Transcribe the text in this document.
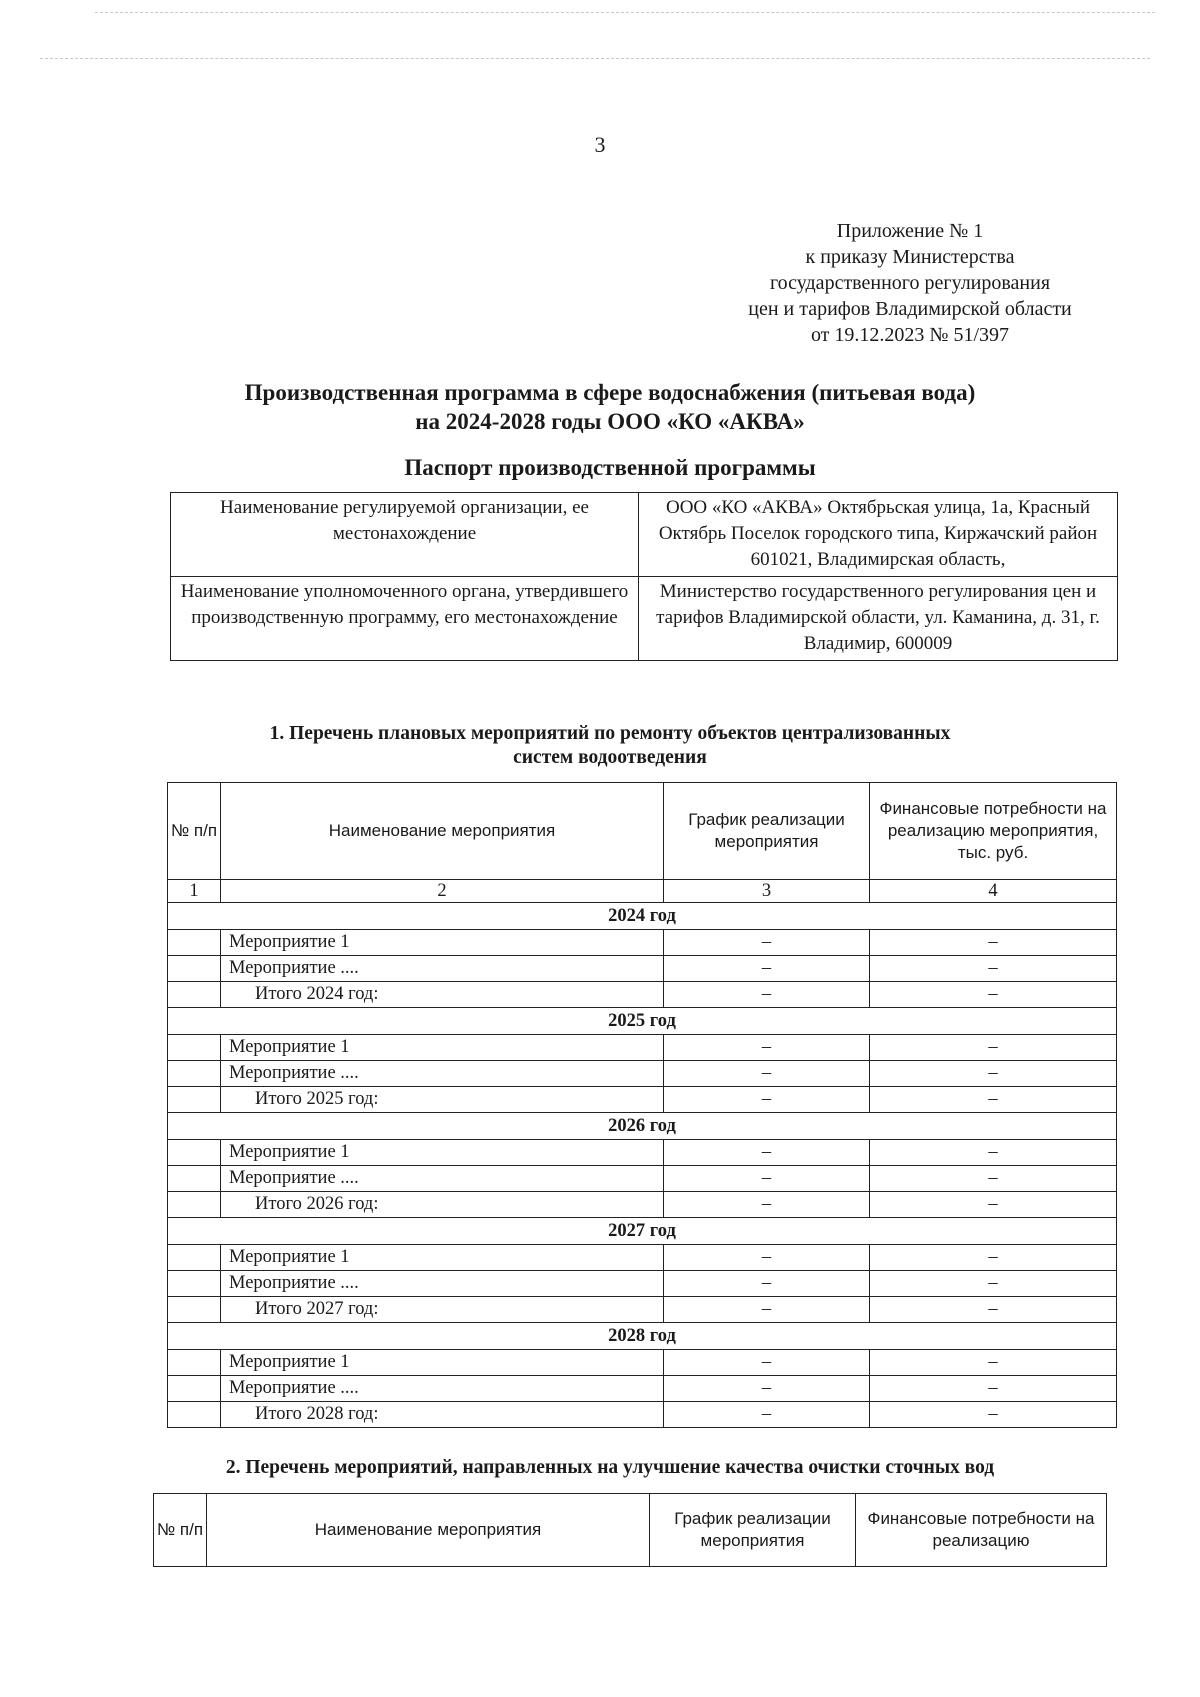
3
Приложение № 1
к приказу Министерства
государственного регулирования
цен и тарифов Владимирской области
от 19.12.2023 № 51/397
Производственная программа в сфере водоснабжения (питьевая вода)
на 2024-2028 годы ООО «КО «АКВА»
Паспорт производственной программы
Наименование регулируемой организации, ее местонахождение	ООО «КО «АКВА» Октябрьская улица, 1а, Красный Октябрь Поселок городского типа, Киржачский район 601021, Владимирская область,
Наименование уполномоченного органа, утвердившего производственную программу, его местонахождение	Министерство государственного регулирования цен и тарифов Владимирской области, ул. Каманина, д. 31, г. Владимир, 600009
1. Перечень плановых мероприятий по ремонту объектов централизованных
систем водоотведения
№ п/п	Наименование мероприятия	График реализации мероприятия	Финансовые потребности на реализацию мероприятия, тыс. руб.
1	2	3	4
2024 год			
	Мероприятие 1	–	–
	Мероприятие ....	–	–
	Итого 2024 год:	–	–
2025 год			
	Мероприятие 1	–	–
	Мероприятие ....	–	–
	Итого 2025 год:	–	–
2026 год			
	Мероприятие 1	–	–
	Мероприятие ....	–	–
	Итого 2026 год:	–	–
2027 год			
	Мероприятие 1	–	–
	Мероприятие ....	–	–
	Итого 2027 год:	–	–
2028 год			
	Мероприятие 1	–	–
	Мероприятие ....	–	–
	Итого 2028 год:	–	–
2. Перечень мероприятий, направленных на улучшение качества очистки сточных вод
№ п/п	Наименование мероприятия	График реализации мероприятия	Финансовые потребности на реализацию
